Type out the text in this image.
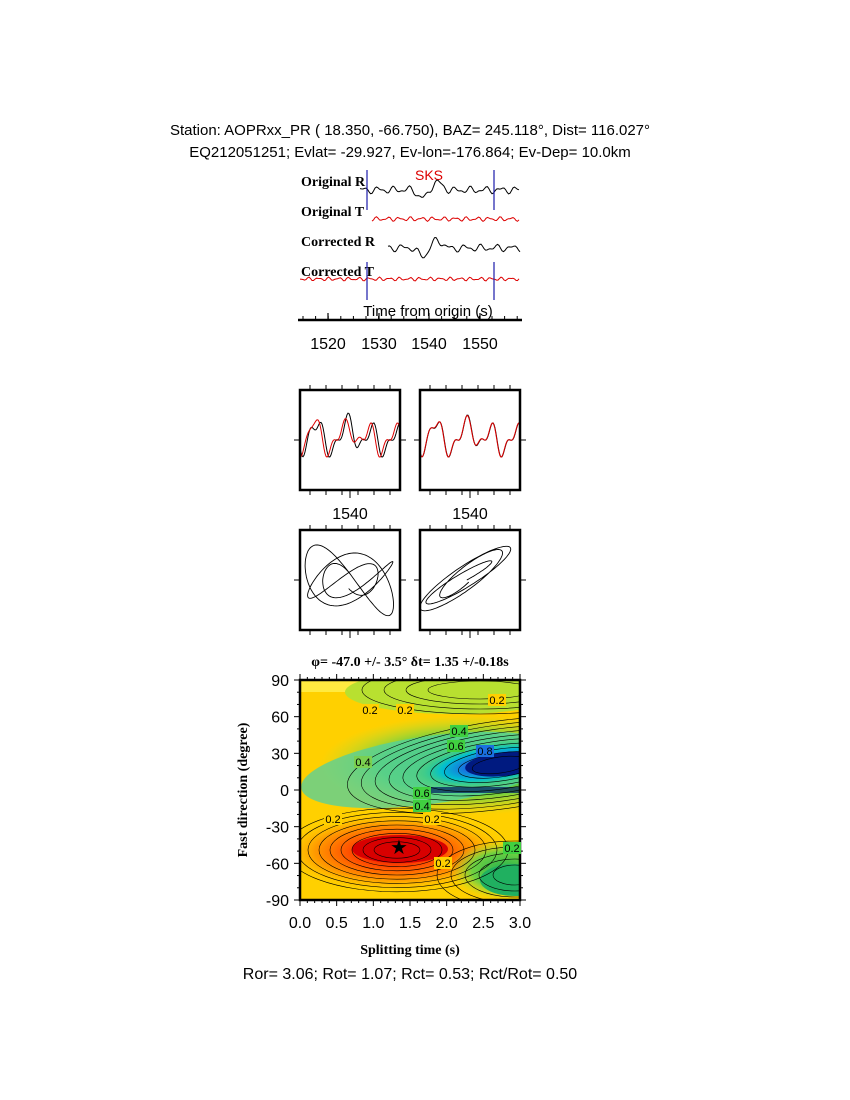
Station: AOPRxx_PR ( 18.350, -66.750), BAZ= 245.118°, Dist= 116.027°
EQ212051251; Evlat= -29.927, Ev-lon=-176.864; Ev-Dep= 10.0km
Original R
Original T
Corrected R
Corrected T
SKS
Time from origin (s)
1520 1530 1540 1550
1540	1540
φ= -47.0 +/- 3.5° δt= 1.35 +/-0.18s
0.2 0.2
0.2
0.4
0.6 0.8
0.6
0.4
0.2
0.4
0.2
0.2
0.2
0.0 0.5 1.0 1.5 2.0 2.5 3.0
90
60
30
0
-30
-60
-90
★
Splitting time (s)
Fast direction (degree)
Ror= 3.06; Rot= 1.07; Rct= 0.53; Rct/Rot= 0.50
